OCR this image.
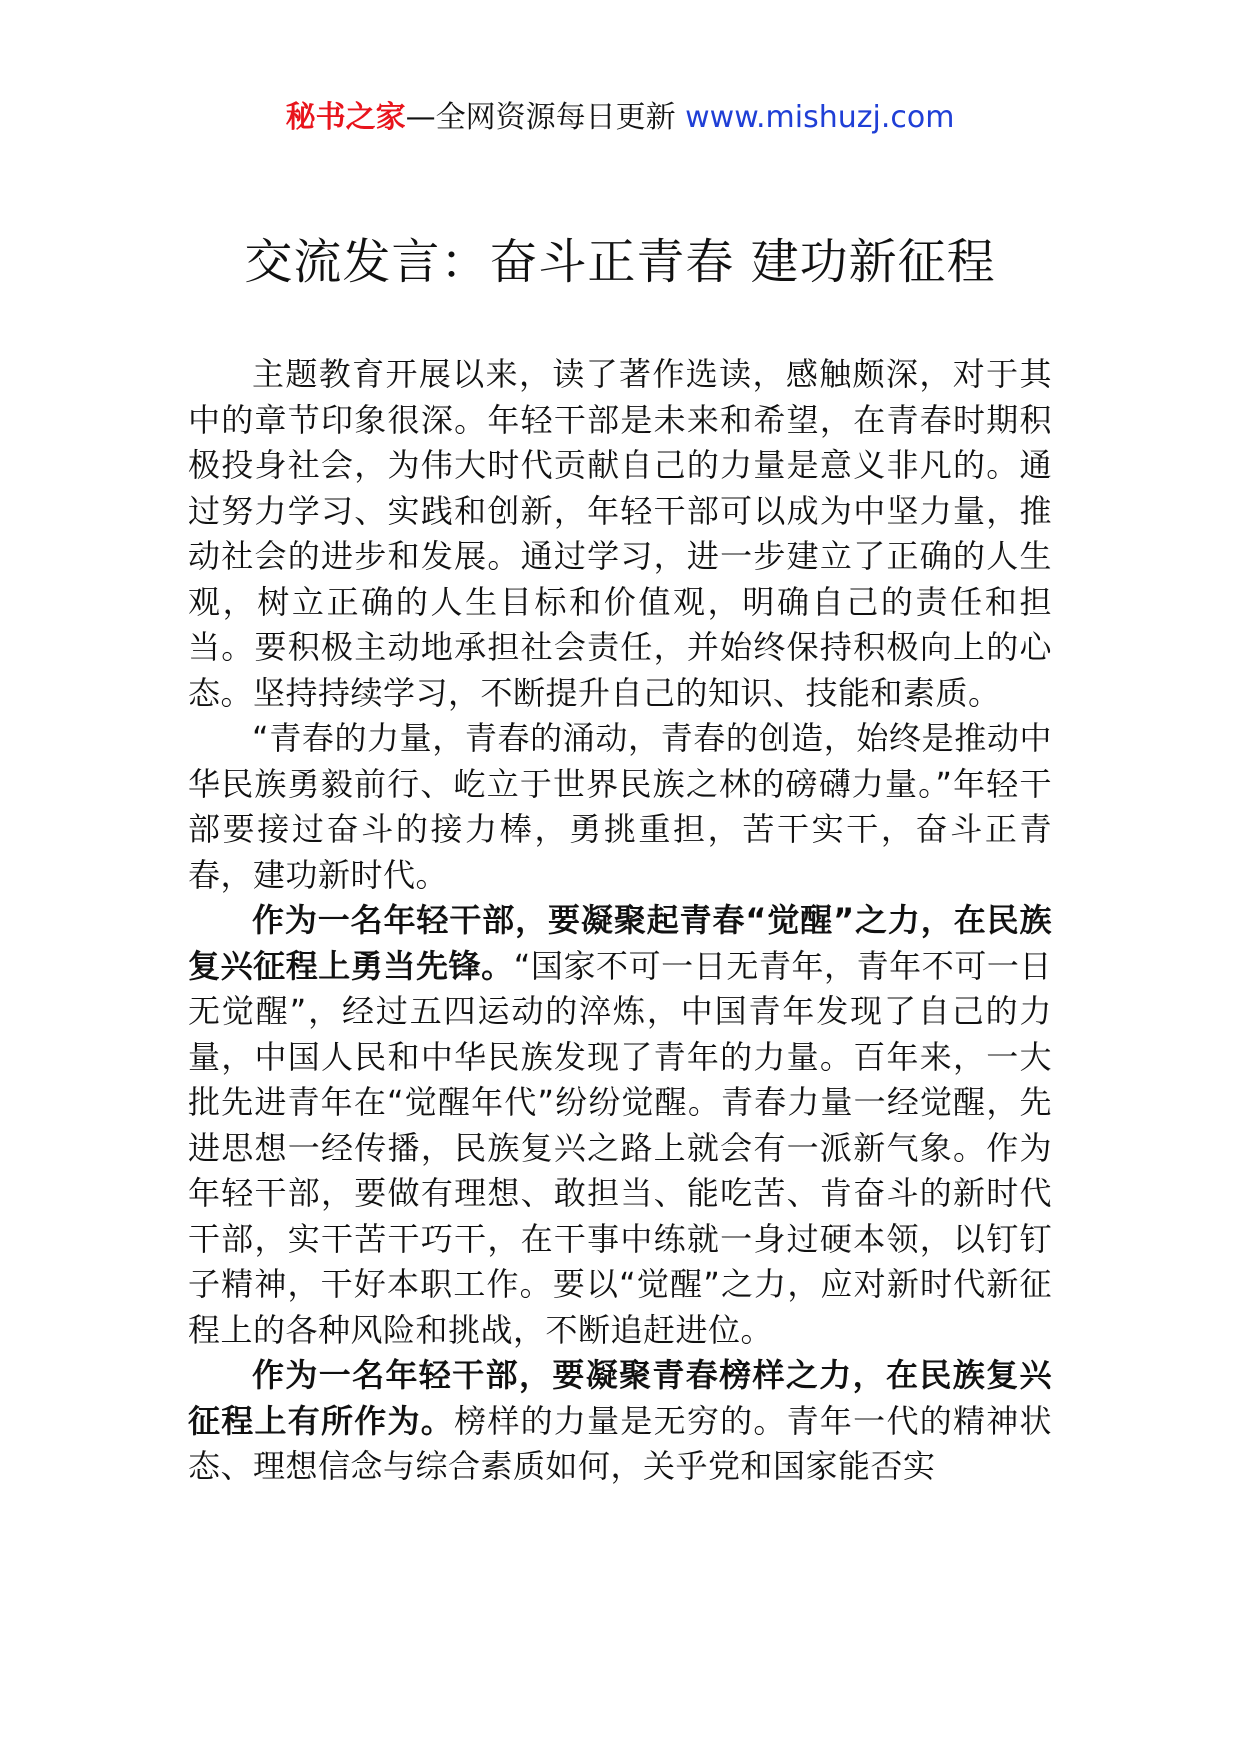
秘书之家—全网资源每日更新 www.mishuzj.com
交流发言：奋斗正青春 建功新征程

主题教育开展以来，读了著作选读，感触颇深，对于其中的章节印象很深。年轻干部是未来和希望，在青春时期积极投身社会，为伟大时代贡献自己的力量是意义非凡的。通过努力学习、实践和创新，年轻干部可以成为中坚力量，推动社会的进步和发展。通过学习，进一步建立了正确的人生观，树立正确的人生目标和价值观，明确自己的责任和担当。要积极主动地承担社会责任，并始终保持积极向上的心态。坚持持续学习，不断提升自己的知识、技能和素质。

“青春的力量，青春的涌动，青春的创造，始终是推动中华民族勇毅前行、屹立于世界民族之林的磅礴力量。”年轻干部要接过奋斗的接力棒，勇挑重担，苦干实干，奋斗正青春，建功新时代。

作为一名年轻干部，要凝聚起青春“觉醒”之力，在民族复兴征程上勇当先锋。“国家不可一日无青年，青年不可一日无觉醒”，经过五四运动的淬炼，中国青年发现了自己的力量，中国人民和中华民族发现了青年的力量。百年来，一大批先进青年在“觉醒年代”纷纷觉醒。青春力量一经觉醒，先进思想一经传播，民族复兴之路上就会有一派新气象。作为年轻干部，要做有理想、敢担当、能吃苦、肯奋斗的新时代干部，实干苦干巧干，在干事中练就一身过硬本领，以钉钉子精神，干好本职工作。要以“觉醒”之力，应对新时代新征程上的各种风险和挑战，不断追赶进位。

作为一名年轻干部，要凝聚青春榜样之力，在民族复兴征程上有所作为。榜样的力量是无穷的。青年一代的精神状态、理想信念与综合素质如何，关乎党和国家能否实
